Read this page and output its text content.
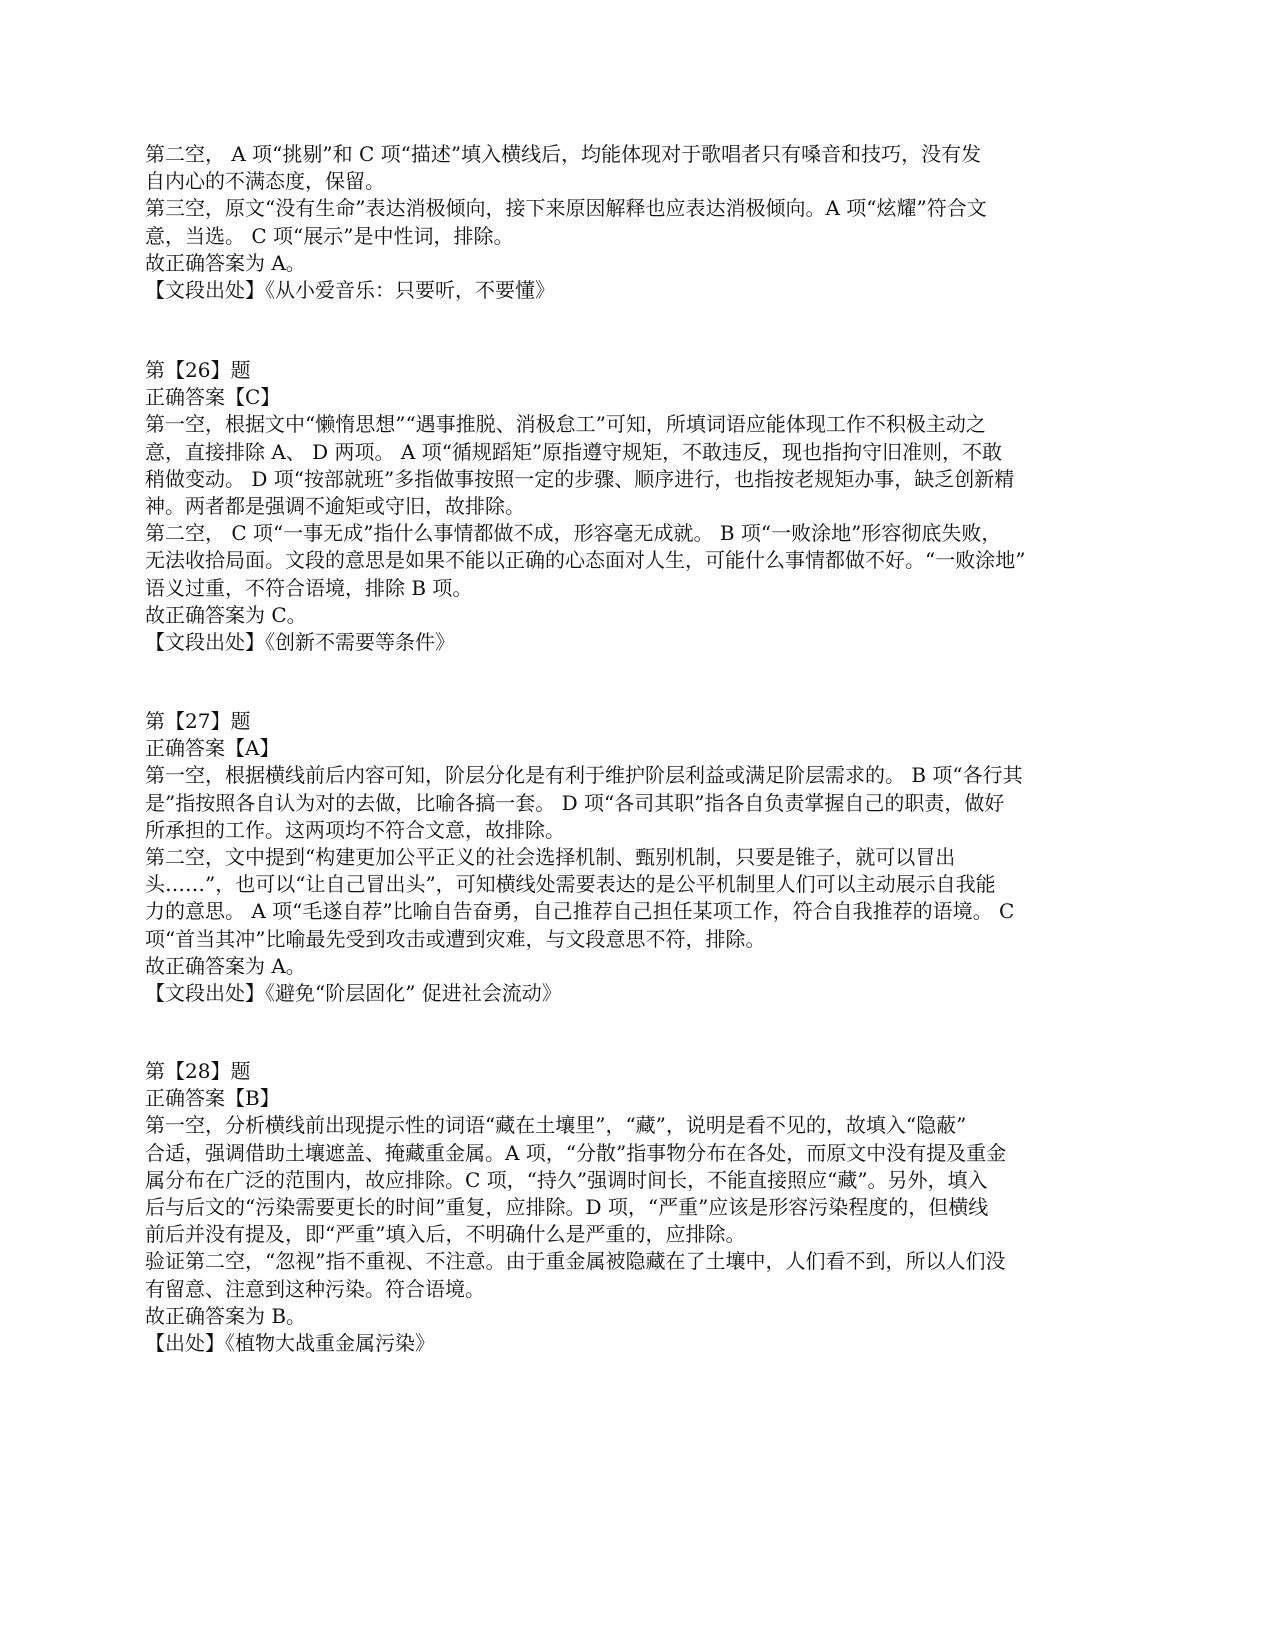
第二空， A 项“挑剔”和 C 项“描述”填入横线后，均能体现对于歌唱者只有嗓音和技巧，没有发
自内心的不满态度，保留。
第三空，原文“没有生命”表达消极倾向，接下来原因解释也应表达消极倾向。A 项“炫耀”符合文
意，当选。 C 项“展示”是中性词，排除。
故正确答案为 A。
【文段出处】《从小爱音乐：只要听，不要懂》
第【26】题
正确答案【C】
第一空，根据文中“懒惰思想”“遇事推脱、消极怠工”可知，所填词语应能体现工作不积极主动之
意，直接排除 A、 D 两项。 A 项“循规蹈矩”原指遵守规矩，不敢违反，现也指拘守旧准则，不敢
稍做变动。 D 项“按部就班”多指做事按照一定的步骤、顺序进行，也指按老规矩办事，缺乏创新精
神。两者都是强调不逾矩或守旧，故排除。
第二空， C 项“一事无成”指什么事情都做不成，形容毫无成就。 B 项“一败涂地”形容彻底失败，
无法收拾局面。文段的意思是如果不能以正确的心态面对人生，可能什么事情都做不好。“一败涂地”
语义过重，不符合语境，排除 B 项。
故正确答案为 C。
【文段出处】《创新不需要等条件》
第【27】题
正确答案【A】
第一空，根据横线前后内容可知，阶层分化是有利于维护阶层利益或满足阶层需求的。 B 项“各行其
是”指按照各自认为对的去做，比喻各搞一套。 D 项“各司其职”指各自负责掌握自己的职责，做好
所承担的工作。这两项均不符合文意，故排除。
第二空，文中提到“构建更加公平正义的社会选择机制、甄别机制，只要是锥子，就可以冒出
头……”，也可以“让自己冒出头”，可知横线处需要表达的是公平机制里人们可以主动展示自我能
力的意思。 A 项“毛遂自荐”比喻自告奋勇，自己推荐自己担任某项工作，符合自我推荐的语境。 C
项“首当其冲”比喻最先受到攻击或遭到灾难，与文段意思不符，排除。
故正确答案为 A。
【文段出处】《避免“阶层固化” 促进社会流动》
第【28】题
正确答案【B】
第一空，分析横线前出现提示性的词语“藏在土壤里”，“藏”，说明是看不见的，故填入“隐蔽”
合适，强调借助土壤遮盖、掩藏重金属。A 项，“分散”指事物分布在各处，而原文中没有提及重金
属分布在广泛的范围内，故应排除。C 项，“持久”强调时间长，不能直接照应“藏”。另外，填入
后与后文的“污染需要更长的时间”重复，应排除。D 项，“严重”应该是形容污染程度的，但横线
前后并没有提及，即“严重”填入后，不明确什么是严重的，应排除。
验证第二空，“忽视”指不重视、不注意。由于重金属被隐藏在了土壤中，人们看不到，所以人们没
有留意、注意到这种污染。符合语境。
故正确答案为 B。
【出处】《植物大战重金属污染》
